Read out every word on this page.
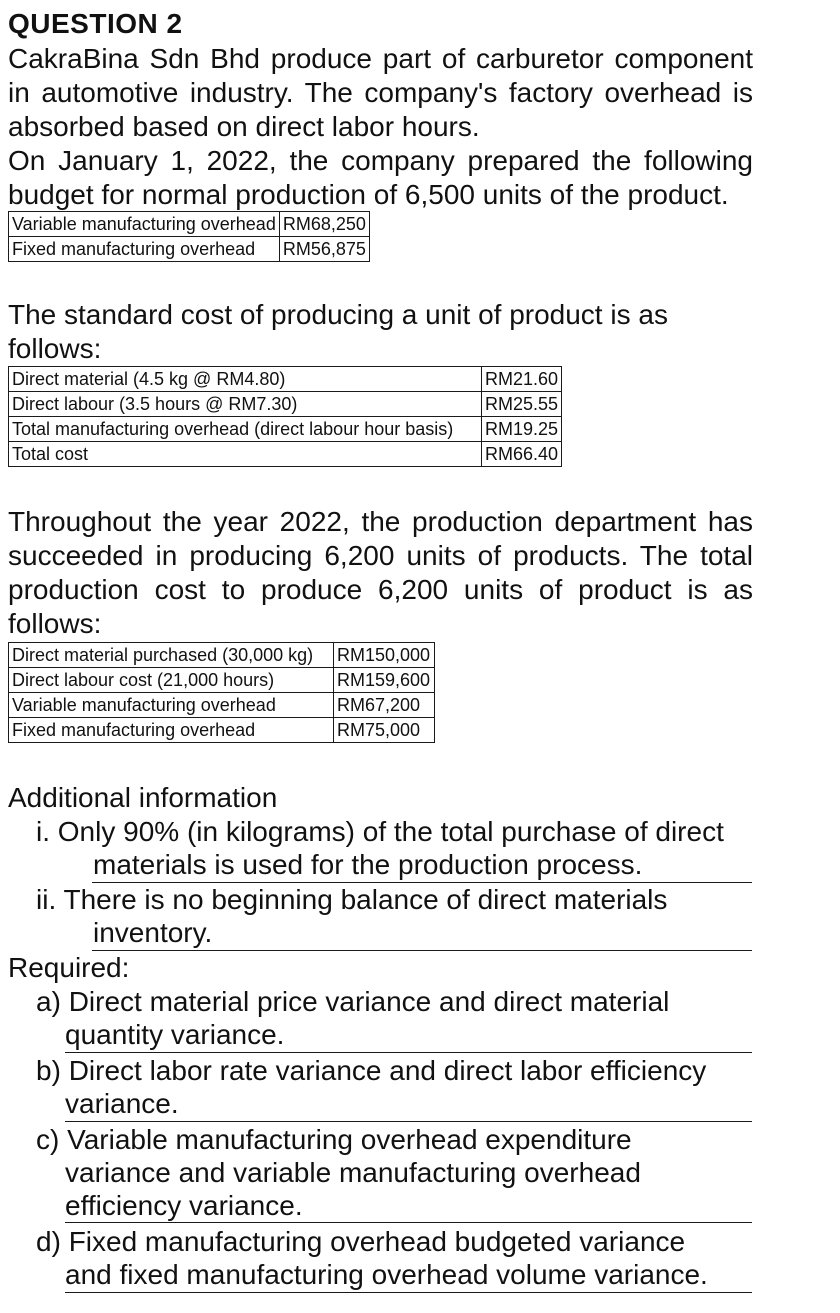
QUESTION 2
CakraBina Sdn Bhd produce part of carburetor component
in automotive industry. The company's factory overhead is
absorbed based on direct labor hours.
On January 1, 2022, the company prepared the following
budget for normal production of 6,500 units of the product.
Variable manufacturing overhead	RM68,250
Fixed manufacturing overhead	RM56,875
The standard cost of producing a unit of product is as
follows:
Direct material (4.5 kg @ RM4.80)	RM21.60
Direct labour (3.5 hours @ RM7.30)	RM25.55
Total manufacturing overhead (direct labour hour basis)	RM19.25
Total cost	RM66.40
Throughout the year 2022, the production department has
succeeded in producing 6,200 units of products. The total
production cost to produce 6,200 units of product is as
follows:
Direct material purchased (30,000 kg)	RM150,000
Direct labour cost (21,000 hours)	RM159,600
Variable manufacturing overhead	RM67,200
Fixed manufacturing overhead	RM75,000
Additional information
i. Only 90% (in kilograms) of the total purchase of direct
materials is used for the production process.
ii. There is no beginning balance of direct materials
inventory.
Required:
a) Direct material price variance and direct material
quantity variance.
b) Direct labor rate variance and direct labor efficiency
variance.
c) Variable manufacturing overhead expenditure
variance and variable manufacturing overhead
efficiency variance.
d) Fixed manufacturing overhead budgeted variance
and fixed manufacturing overhead volume variance.
